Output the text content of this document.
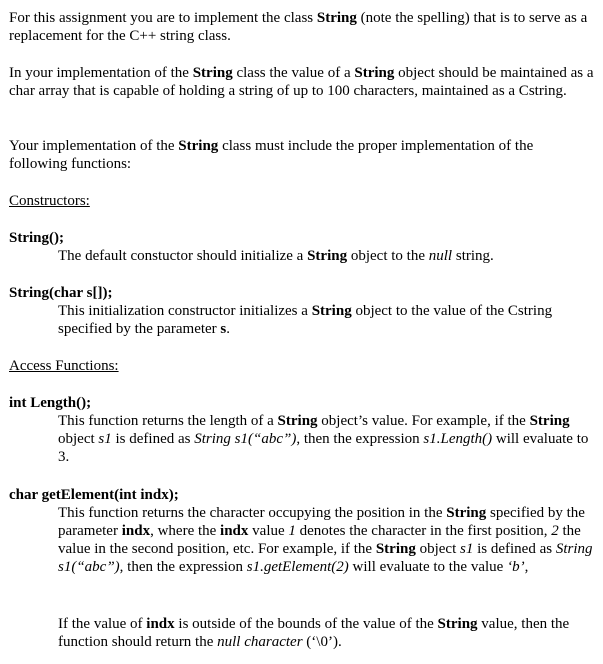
For this assignment you are to implement the class String (note the spelling) that is to serve as a replacement for the C++ string class.
In your implementation of the String class the value of a String object should be maintained as a char array that is capable of holding a string of up to 100 characters, maintained as a Cstring.
Your implementation of the String class must include the proper implementation of the following functions:
Constructors:
String();
The default constuctor should initialize a String object to the null string.
String(char s[]);
This initialization constructor initializes a String object to the value of the Cstring specified by the parameter s.
Access Functions:
int Length();
This function returns the length of a String object’s value. For example, if the String object s1 is defined as String s1(“abc”), then the expression s1.Length() will evaluate to 3.
char getElement(int indx);
This function returns the character occupying the position in the String specified by the parameter indx, where the indx value 1 denotes the character in the first position, 2 the value in the second position, etc. For example, if the String object s1 is defined as String s1(“abc”), then the expression s1.getElement(2) will evaluate to the value ‘b’,
If the value of indx is outside of the bounds of the value of the String value, then the function should return the null character (‘\0’).
